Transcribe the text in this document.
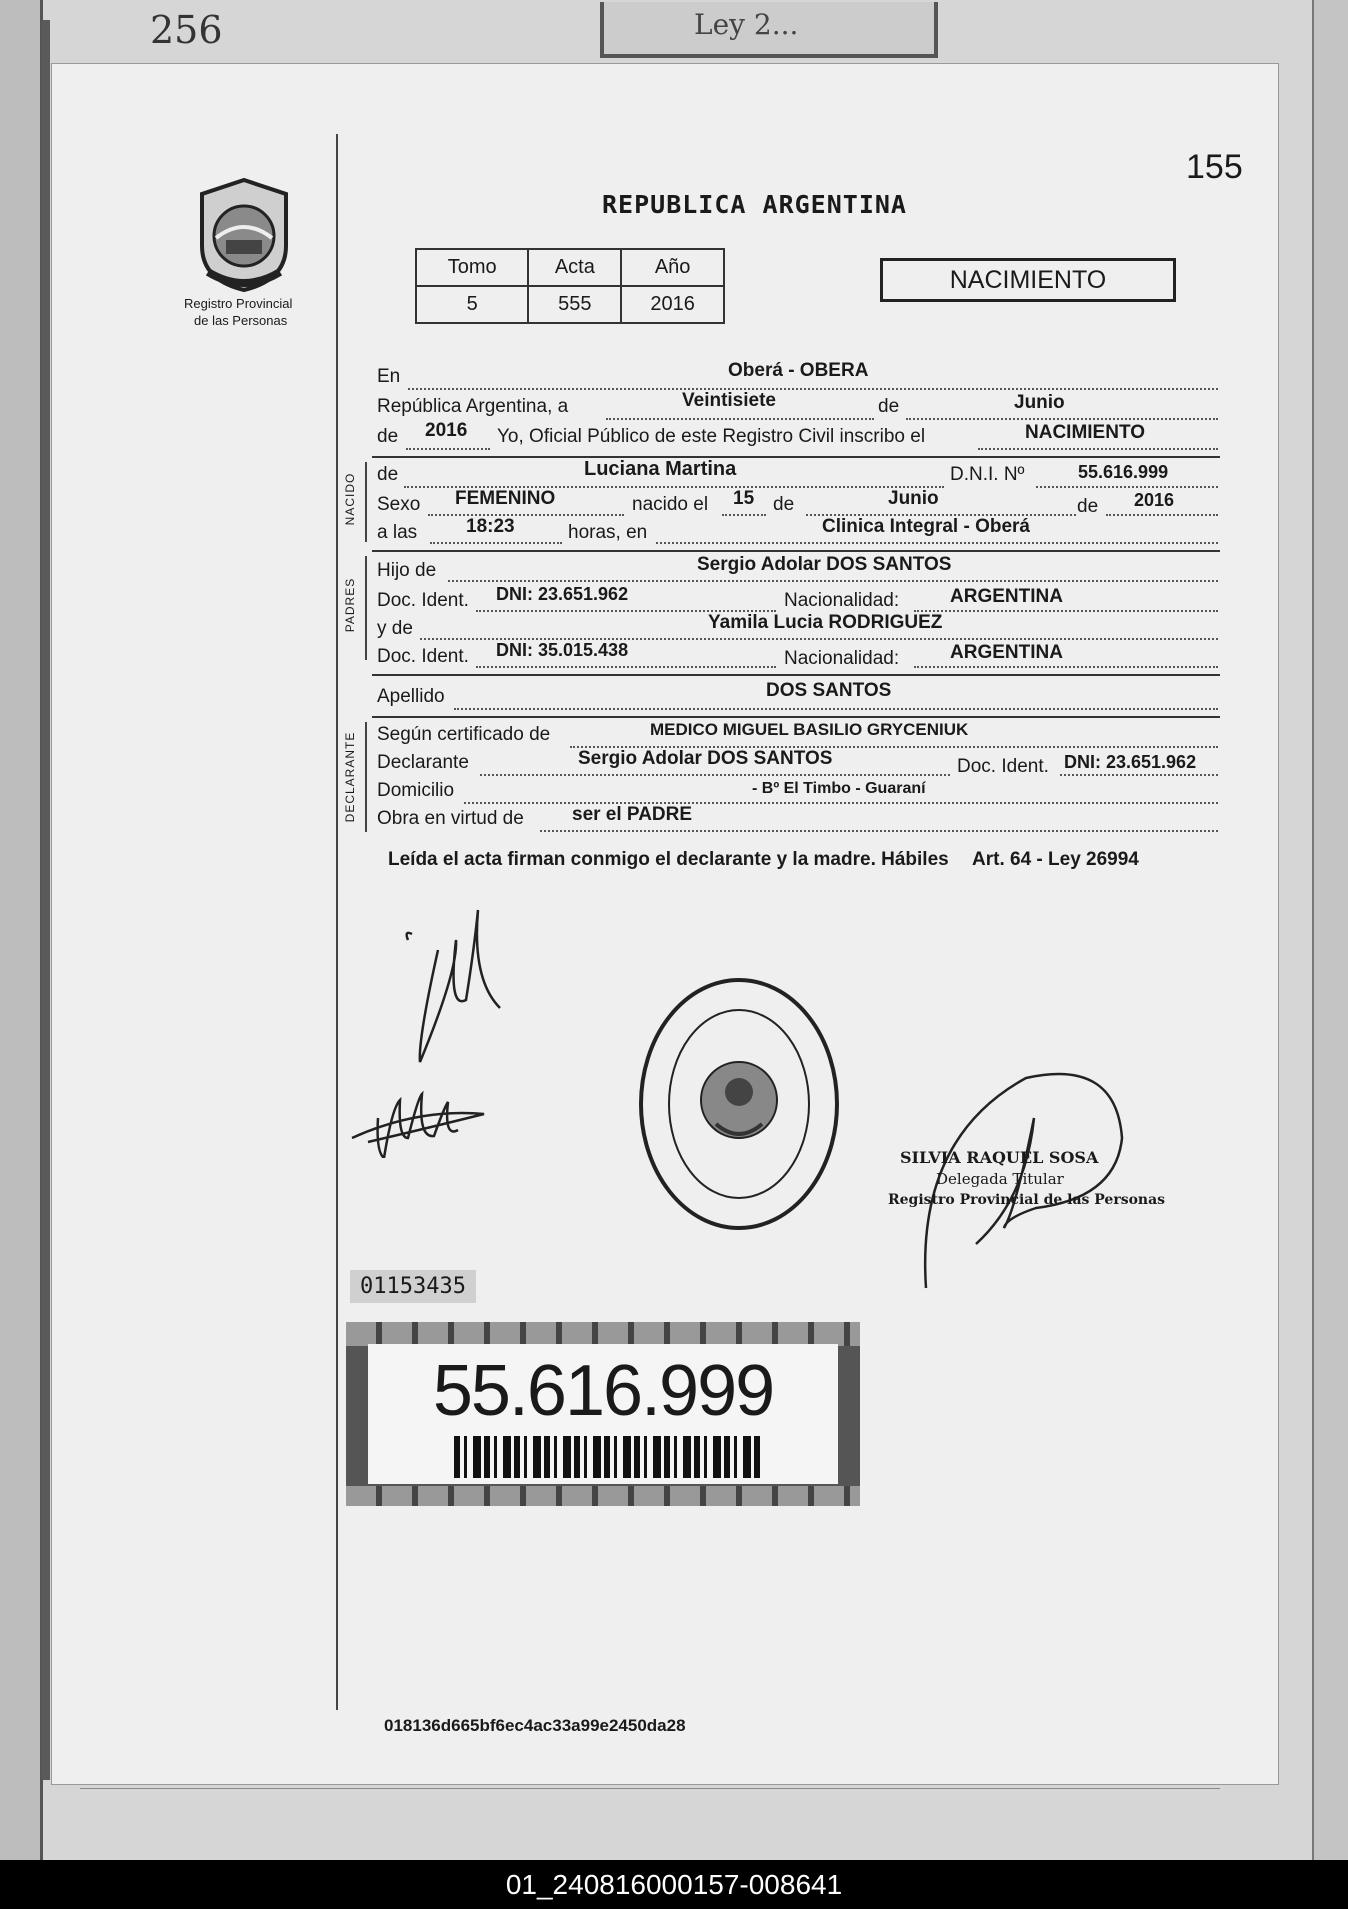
256	Ley 2...
Registro Provincial
de las Personas
155
REPUBLICA ARGENTINA
Tomo	Acta	Año
5	555	2016
NACIMIENTO
En	Oberá - OBERA
República Argentina, a	Veintisiete	de	Junio
de 2016 Yo, Oficial Público de este Registro Civil inscribo el	NACIMIENTO
NACIDO de	Luciana Martina	D.N.I. Nº	55.616.999
Sexo FEMENINO	nacido el 15 de	Junio	de 2016
a las	18:23	horas, en	Clinica Integral - Oberá
PADRES
Hijo de	Sergio Adolar DOS SANTOS
Doc. Ident. DNI: 23.651.962	Nacionalidad:	ARGENTINA
y de	Yamila Lucia RODRIGUEZ
Doc. Ident. DNI: 35.015.438	Nacionalidad:	ARGENTINA
Apellido	DOS SANTOS
DECLARANTE Según certificado de	MEDICO MIGUEL BASILIO GRYCENIUK
Declarante	Sergio Adolar DOS SANTOS	Doc. Ident. DNI: 23.651.962
Domicilio	- Bº El Timbo - Guaraní
Obra en virtud de	ser el PADRE
Leída el acta firman conmigo el declarante y la madre. Hábiles Art. 64 - Ley 26994
SILVIA RAQUEL SOSA
Delegada Titular
Registro Provincial de las Personas
01153435
55.616.999
018136d665bf6ec4ac33a99e2450da28
01_240816000157-008641
